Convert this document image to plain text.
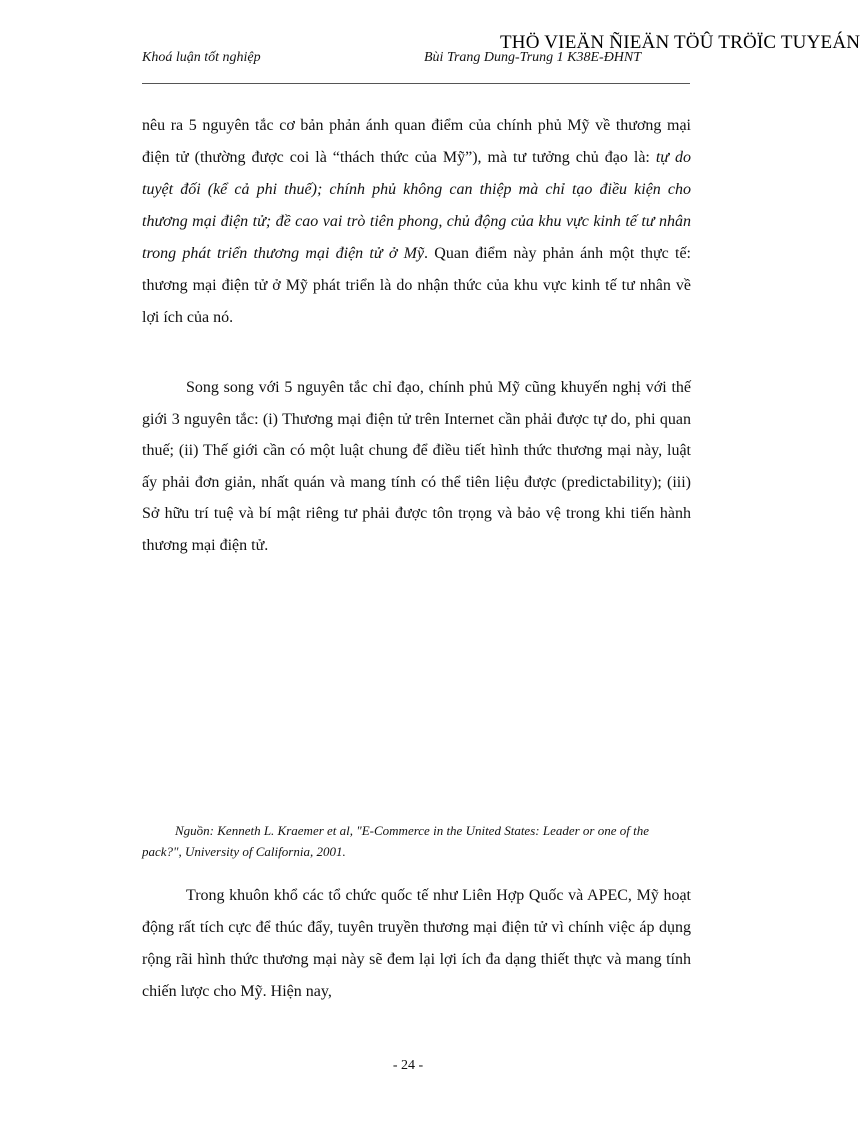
THÖ VIEÄN ÑIEÄN TÖÛ TRÖÏC TUYEÁN
Khoá luận tốt nghiệp	Bùi Trang Dung-Trung 1 K38E-ĐHNT
nêu ra 5 nguyên tắc cơ bản phản ánh quan điểm của chính phủ Mỹ về thương mại điện tử (thường được coi là “thách thức của Mỹ”), mà tư tưởng chủ đạo là: tự do tuyệt đối (kể cả phi thuế); chính phủ không can thiệp mà chỉ tạo điều kiện cho thương mại điện tử; đề cao vai trò tiên phong, chủ động của khu vực kinh tế tư nhân trong phát triển thương mại điện tử ở Mỹ. Quan điểm này phản ánh một thực tế: thương mại điện tử ở Mỹ phát triển là do nhận thức của khu vực kinh tế tư nhân về lợi ích của nó.
Song song với 5 nguyên tắc chỉ đạo, chính phủ Mỹ cũng khuyến nghị với thế giới 3 nguyên tắc: (i) Thương mại điện tử trên Internet cần phải được tự do, phi quan thuế; (ii) Thế giới cần có một luật chung để điều tiết hình thức thương mại này, luật ấy phải đơn giản, nhất quán và mang tính có thể tiên liệu được (predictability); (iii) Sở hữu trí tuệ và bí mật riêng tư phải được tôn trọng và bảo vệ trong khi tiến hành thương mại điện tử.
Nguồn: Kenneth L. Kraemer et al, "E-Commerce in the United States: Leader or one of the pack?", University of California, 2001.
Trong khuôn khổ các tổ chức quốc tế như Liên Hợp Quốc và APEC, Mỹ hoạt động rất tích cực để thúc đẩy, tuyên truyền thương mại điện tử vì chính việc áp dụng rộng rãi hình thức thương mại này sẽ đem lại lợi ích đa dạng thiết thực và mang tính chiến lược cho Mỹ. Hiện nay,
- 24 -
